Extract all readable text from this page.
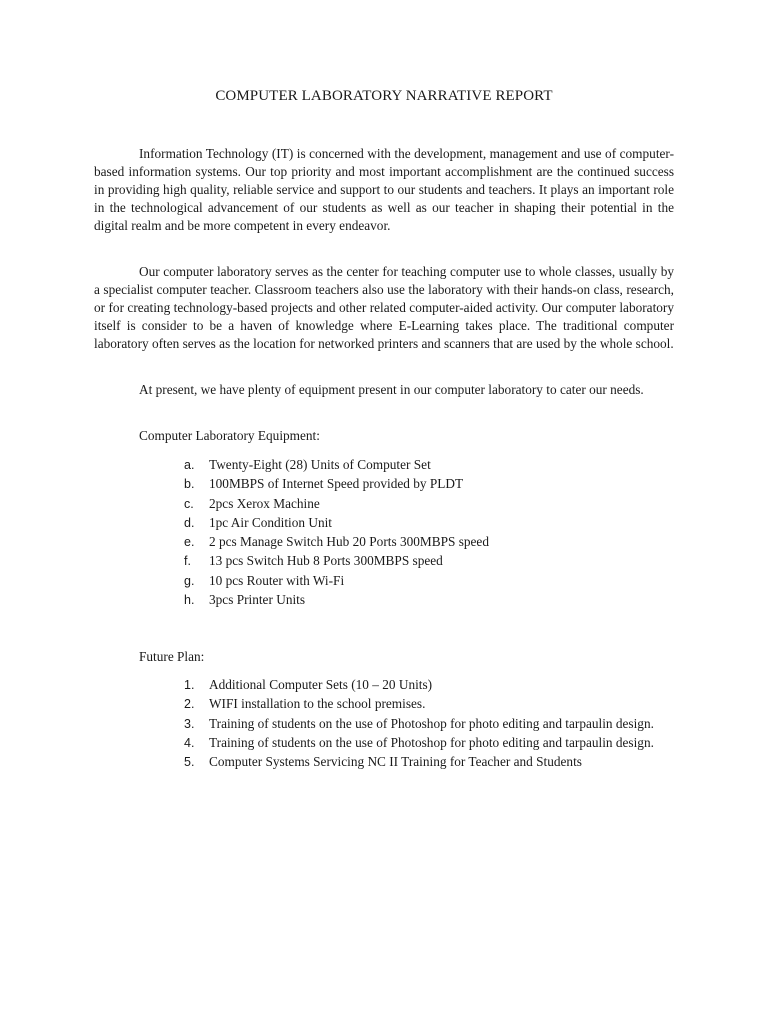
COMPUTER LABORATORY NARRATIVE REPORT

Information Technology (IT) is concerned with the development, management and use of computer-based information systems. Our top priority and most important accomplishment are the continued success in providing high quality, reliable service and support to our students and teachers. It plays an important role in the technological advancement of our students as well as our teacher in shaping their potential in the digital realm and be more competent in every endeavor.

Our computer laboratory serves as the center for teaching computer use to whole classes, usually by a specialist computer teacher. Classroom teachers also use the laboratory with their hands-on class, research, or for creating technology-based projects and other related computer-aided activity. Our computer laboratory itself is consider to be a haven of knowledge where E-Learning takes place. The traditional computer laboratory often serves as the location for networked printers and scanners that are used by the whole school.

At present, we have plenty of equipment present in our computer laboratory to cater our needs.

Computer Laboratory Equipment:
a. Twenty-Eight (28) Units of Computer Set
b. 100MBPS of Internet Speed provided by PLDT
c. 2pcs Xerox Machine
d. 1pc Air Condition Unit
e. 2 pcs Manage Switch Hub 20 Ports 300MBPS speed
f. 13 pcs Switch Hub 8 Ports 300MBPS speed
g. 10 pcs Router with Wi-Fi
h. 3pcs Printer Units
Future Plan:
1. Additional Computer Sets (10 – 20 Units)
2. WIFI installation to the school premises.
3. Training of students on the use of Photoshop for photo editing and tarpaulin design.
4. Training of students on the use of Photoshop for photo editing and tarpaulin design.
5. Computer Systems Servicing NC II Training for Teacher and Students
